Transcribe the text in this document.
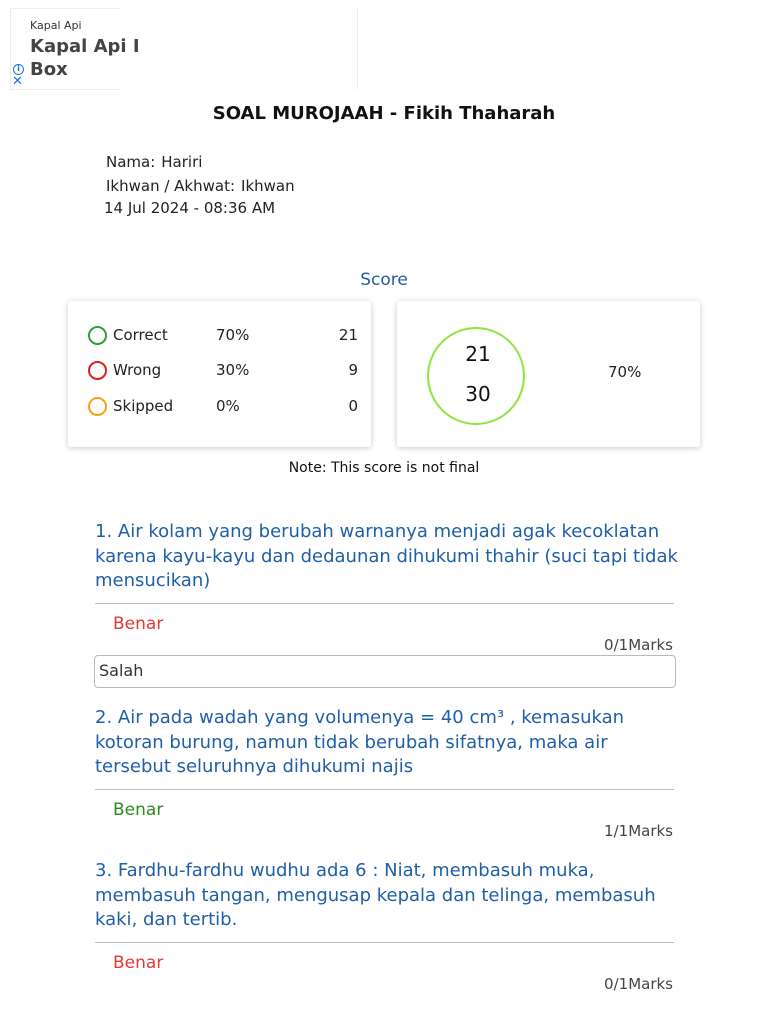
Kapal Api
Kapal Api I
Box
i
✕
SOAL MUROJAAH - Fikih Thaharah
Nama: Hariri
Ikhwan / Akhwat: Ikhwan
14 Jul 2024 - 08:36 AM
Score
Correct	70%	21
Wrong	30%	9
Skipped	0%	0
21
30
70%
Note: This score is not final
1. Air kolam yang berubah warnanya menjadi agak kecoklatan karena kayu-kayu dan dedaunan dihukumi thahir (suci tapi tidak mensucikan)
Benar
0/1Marks
Salah
2. Air pada wadah yang volumenya = 40 cm³ , kemasukan kotoran burung, namun tidak berubah sifatnya, maka air tersebut seluruhnya dihukumi najis
Benar
1/1Marks
3. Fardhu-fardhu wudhu ada 6 : Niat, membasuh muka, membasuh tangan, mengusap kepala dan telinga, membasuh kaki, dan tertib.
Benar
0/1Marks
